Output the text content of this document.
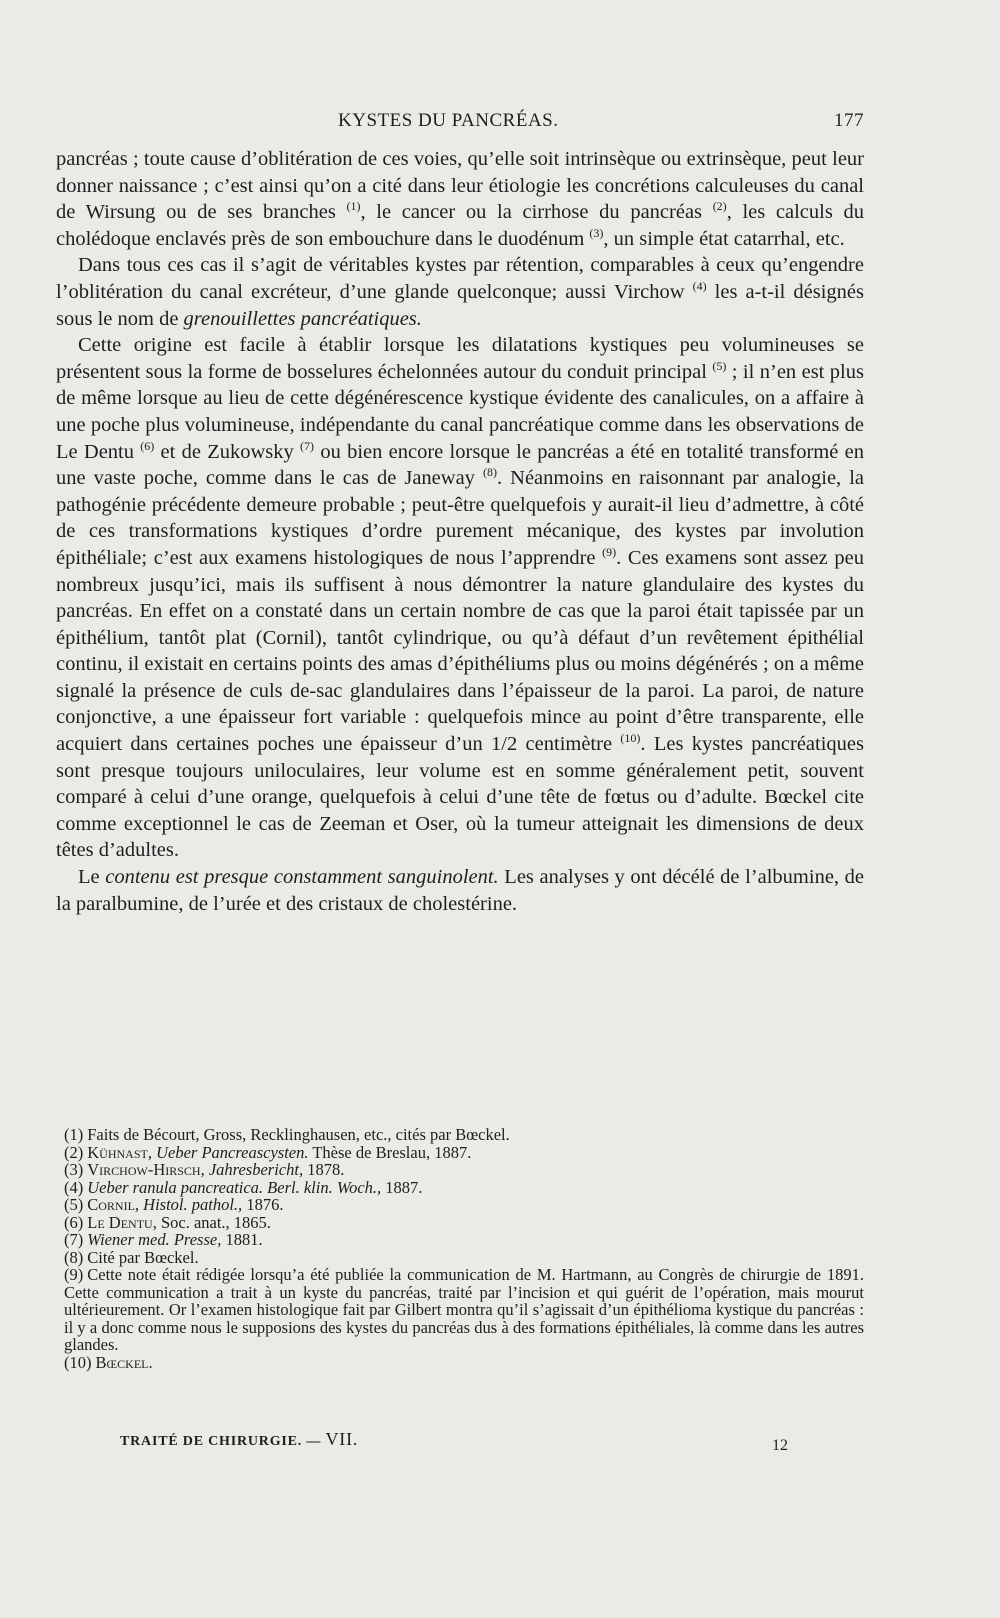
KYSTES DU PANCRÉAS.	177

pancréas ; toute cause d’oblitération de ces voies, qu’elle soit intrinsèque ou extrinsèque, peut leur donner naissance ; c’est ainsi qu’on a cité dans leur étiologie les concrétions calculeuses du canal de Wirsung ou de ses branches $^{(1)}$, le cancer ou la cirrhose du pancréas $^{(2)}$, les calculs du cholédoque enclavés près de son embouchure dans le duodénum $^{(3)}$, un simple état catarrhal, etc.

Dans tous ces cas il s’agit de véritables kystes par rétention, comparables à ceux qu’engendre l’oblitération du canal excréteur, d’une glande quelconque; aussi Virchow $^{(4)}$ les a-t-il désignés sous le nom de grenouillettes pancréatiques.

Cette origine est facile à établir lorsque les dilatations kystiques peu volumineuses se présentent sous la forme de bosselures échelonnées autour du conduit principal $^{(5)}$ ; il n’en est plus de même lorsque au lieu de cette dégénérescence kystique évidente des canalicules, on a affaire à une poche plus volumineuse, indépendante du canal pancréatique comme dans les observations de Le Dentu $^{(6)}$ et de Zukowsky $^{(7)}$ ou bien encore lorsque le pancréas a été en totalité transformé en une vaste poche, comme dans le cas de Janeway $^{(8)}$. Néanmoins en raisonnant par analogie, la pathogénie précédente demeure probable ; peut-être quelquefois y aurait-il lieu d’admettre, à côté de ces transformations kystiques d’ordre purement mécanique, des kystes par involution épithéliale; c’est aux examens histologiques de nous l’apprendre $^{(9)}$. Ces examens sont assez peu nombreux jusqu’ici, mais ils suffisent à nous démontrer la nature glandulaire des kystes du pancréas. En effet on a constaté dans un certain nombre de cas que la paroi était tapissée par un épithélium, tantôt plat (Cornil), tantôt cylindrique, ou qu’à défaut d’un revêtement épithélial continu, il existait en certains points des amas d’épithéliums plus ou moins dégénérés ; on a même signalé la présence de culs de-sac glandulaires dans l’épaisseur de la paroi. La paroi, de nature conjonctive, a une épaisseur fort variable : quelquefois mince au point d’être transparente, elle acquiert dans certaines poches une épaisseur d’un 1/2 centimètre $^{(10)}$. Les kystes pancréatiques sont presque toujours uniloculaires, leur volume est en somme généralement petit, souvent comparé à celui d’une orange, quelquefois à celui d’une tête de fœtus ou d’adulte. Bœckel cite comme exceptionnel le cas de Zeeman et Oser, où la tumeur atteignait les dimensions de deux têtes d’adultes.

Le contenu est presque constamment sanguinolent. Les analyses y ont décélé de l’albumine, de la paralbumine, de l’urée et des cristaux de cholestérine.

(1) Faits de Bécourt, Gross, Recklinghausen, etc., cités par Bœckel.

(2) Kühnast, Ueber Pancreascysten. Thèse de Breslau, 1887.

(3) Virchow-Hirsch, Jahresbericht, 1878.

(4) Ueber ranula pancreatica. Berl. klin. Woch., 1887.

(5) Cornil, Histol. pathol., 1876.

(6) Le Dentu, Soc. anat., 1865.

(7) Wiener med. Presse, 1881.

(8) Cité par Bœckel.

(9) Cette note était rédigée lorsqu’a été publiée la communication de M. Hartmann, au Congrès de chirurgie de 1891. Cette communication a trait à un kyste du pancréas, traité par l’incision et qui guérit de l’opération, mais mourut ultérieurement. Or l’examen histologique fait par Gilbert montra qu’il s’agissait d’un épithélioma kystique du pancréas : il y a donc comme nous le supposions des kystes du pancréas dus à des formations épithéliales, là comme dans les autres glandes.

(10) Bœckel.

TRAITÉ DE CHIRURGIE. — VII.	12
